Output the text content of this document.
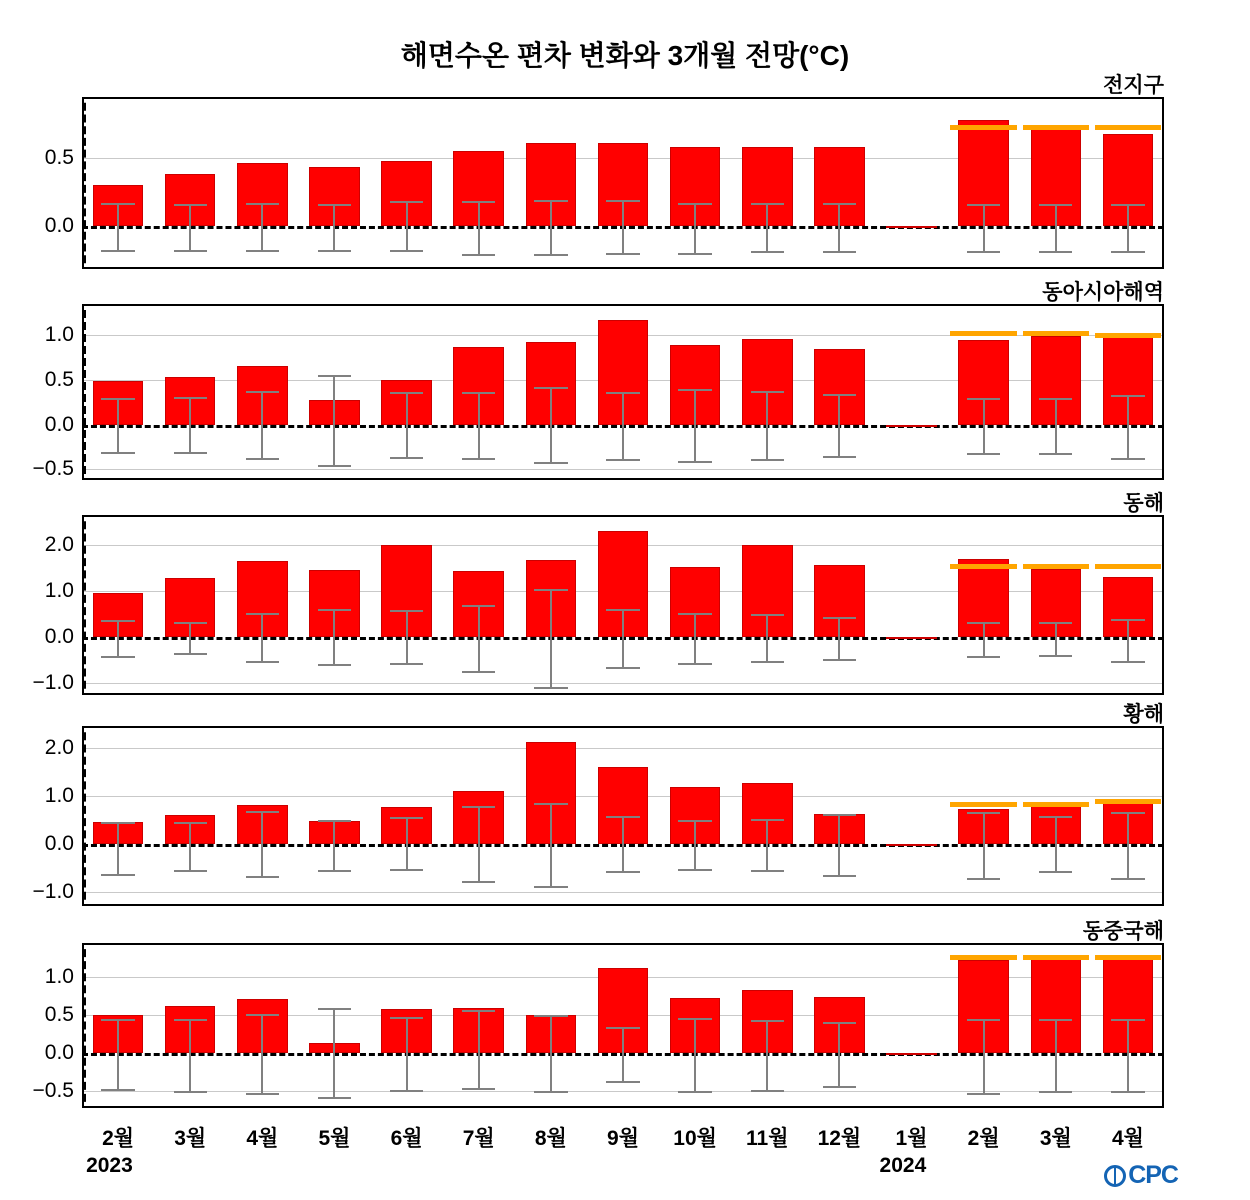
해면수온 편차 변화와 3개월 전망(°C)
전지구
0.0
0.5
동아시아해역
−0.5
0.0
0.5
1.0
동해
−1.0
0.0
1.0
2.0
황해
−1.0
0.0
1.0
2.0
동중국해
−0.5
0.0
0.5
1.0
2월 3월 4월 5월 6월 7월 8월 9월 10월 11월 12월 1월 2월 3월 4월
2023	2024	CPC
